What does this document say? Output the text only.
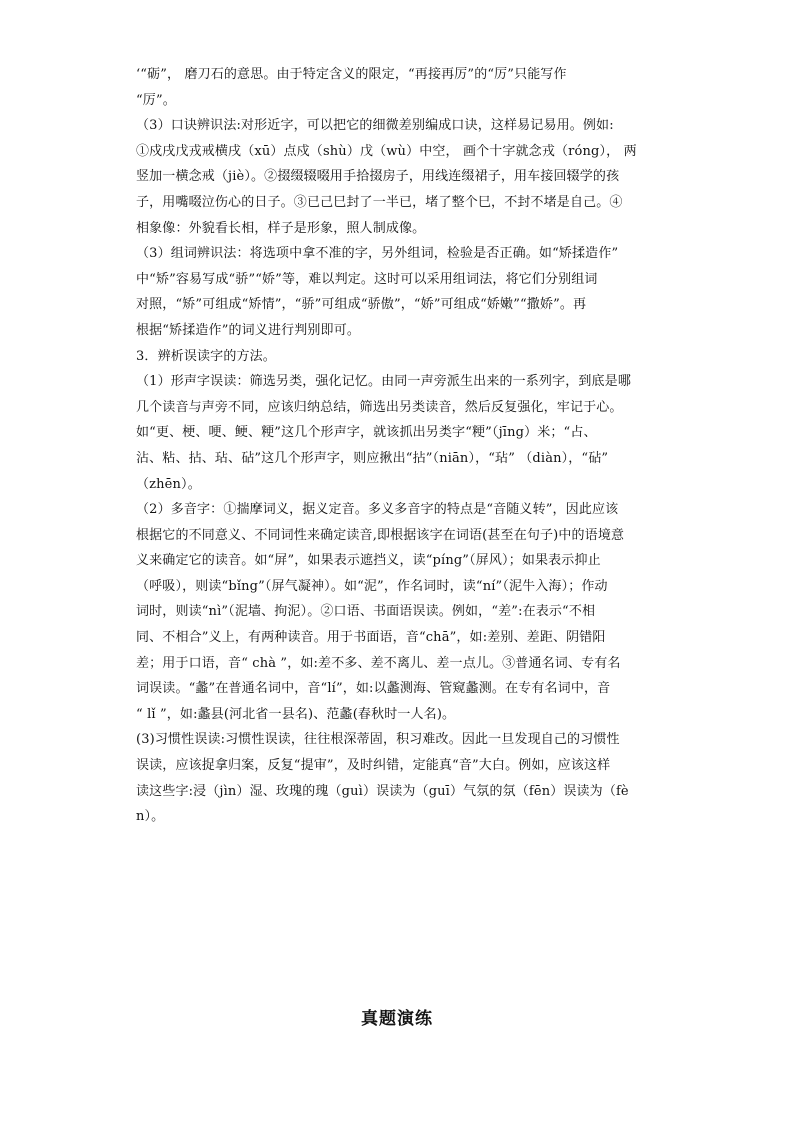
‘“砺”， 磨刀石的意思。由于特定含义的限定，“再接再厉”的“厉”只能写作
“厉”。
（3）口诀辨识法:对形近字，可以把它的细微差别编成口诀，这样易记易用。例如:
①戍戌戊戎戒横戌（xū）点戍（shù）戊（wù）中空， 画个十字就念戎（róng）， 两
竖加一横念戒（jiè）。②掇缀辍啜用手拾掇房子，用线连缀裙子，用车接回辍学的孩
子，用嘴啜泣伤心的日子。③已己巳封了一半已，堵了整个巳，不封不堵是自己。④
相象像：外貌看长相，样子是形象，照人制成像。
（3）组词辨识法：将选项中拿不准的字，另外组词，检验是否正确。如“矫揉造作”
中“矫”容易写成“骄”“娇”等，难以判定。这时可以采用组词法，将它们分别组词
对照，“矫”可组成“矫情”，“骄”可组成“骄傲”，“娇”可组成“娇嫩”“撒娇”。再
根据“矫揉造作”的词义进行判别即可。
3．辨析误读字的方法。
（1）形声字误读：筛选另类，强化记忆。由同一声旁派生出来的一系列字，到底是哪
几个读音与声旁不同，应该归纳总结，筛选出另类读音，然后反复强化，牢记于心。
如“更、梗、哽、鲠、粳”这几个形声字，就该抓出另类字“粳”（jīng）米；“占、
沾、粘、拈、玷、砧”这几个形声字，则应揪出“拈”（niān），“玷” （diàn），“砧”
（zhēn）。
（2）多音字：①揣摩词义，据义定音。多义多音字的特点是“音随义转”，因此应该
根据它的不同意义、不同词性来确定读音,即根据该字在词语(甚至在句子)中的语境意
义来确定它的读音。如“屏”，如果表示遮挡义，读“píng”（屏风）；如果表示抑止
（呼吸），则读“bǐng”（屏气凝神）。如“泥”，作名词时，读“ní”（泥牛入海）；作动
词时，则读“nì”（泥墙、拘泥）。②口语、书面语误读。例如，“差”:在表示“不相
同、不相合”义上，有两种读音。用于书面语，音“chā”，如:差别、差距、阴错阳
差；用于口语，音“ chà ”，如:差不多、差不离儿、差一点儿。③普通名词、专有名
词误读。“蠡”在普通名词中，音“lí”，如:以蠡测海、管窥蠡测。在专有名词中，音
“ lǐ ”，如:蠡县(河北省一县名)、范蠡(春秋时一人名)。
(3)习惯性误读:习惯性误读，往往根深蒂固，积习难改。因此一旦发现自己的习惯性
误读，应该捉拿归案，反复“提审”，及时纠错，定能真“音”大白。例如，应该这样
读这些字:浸（jìn）湿、玫瑰的瑰（guì）误读为（guī）气氛的氛（fēn）误读为（fè
n）。
真题演练
